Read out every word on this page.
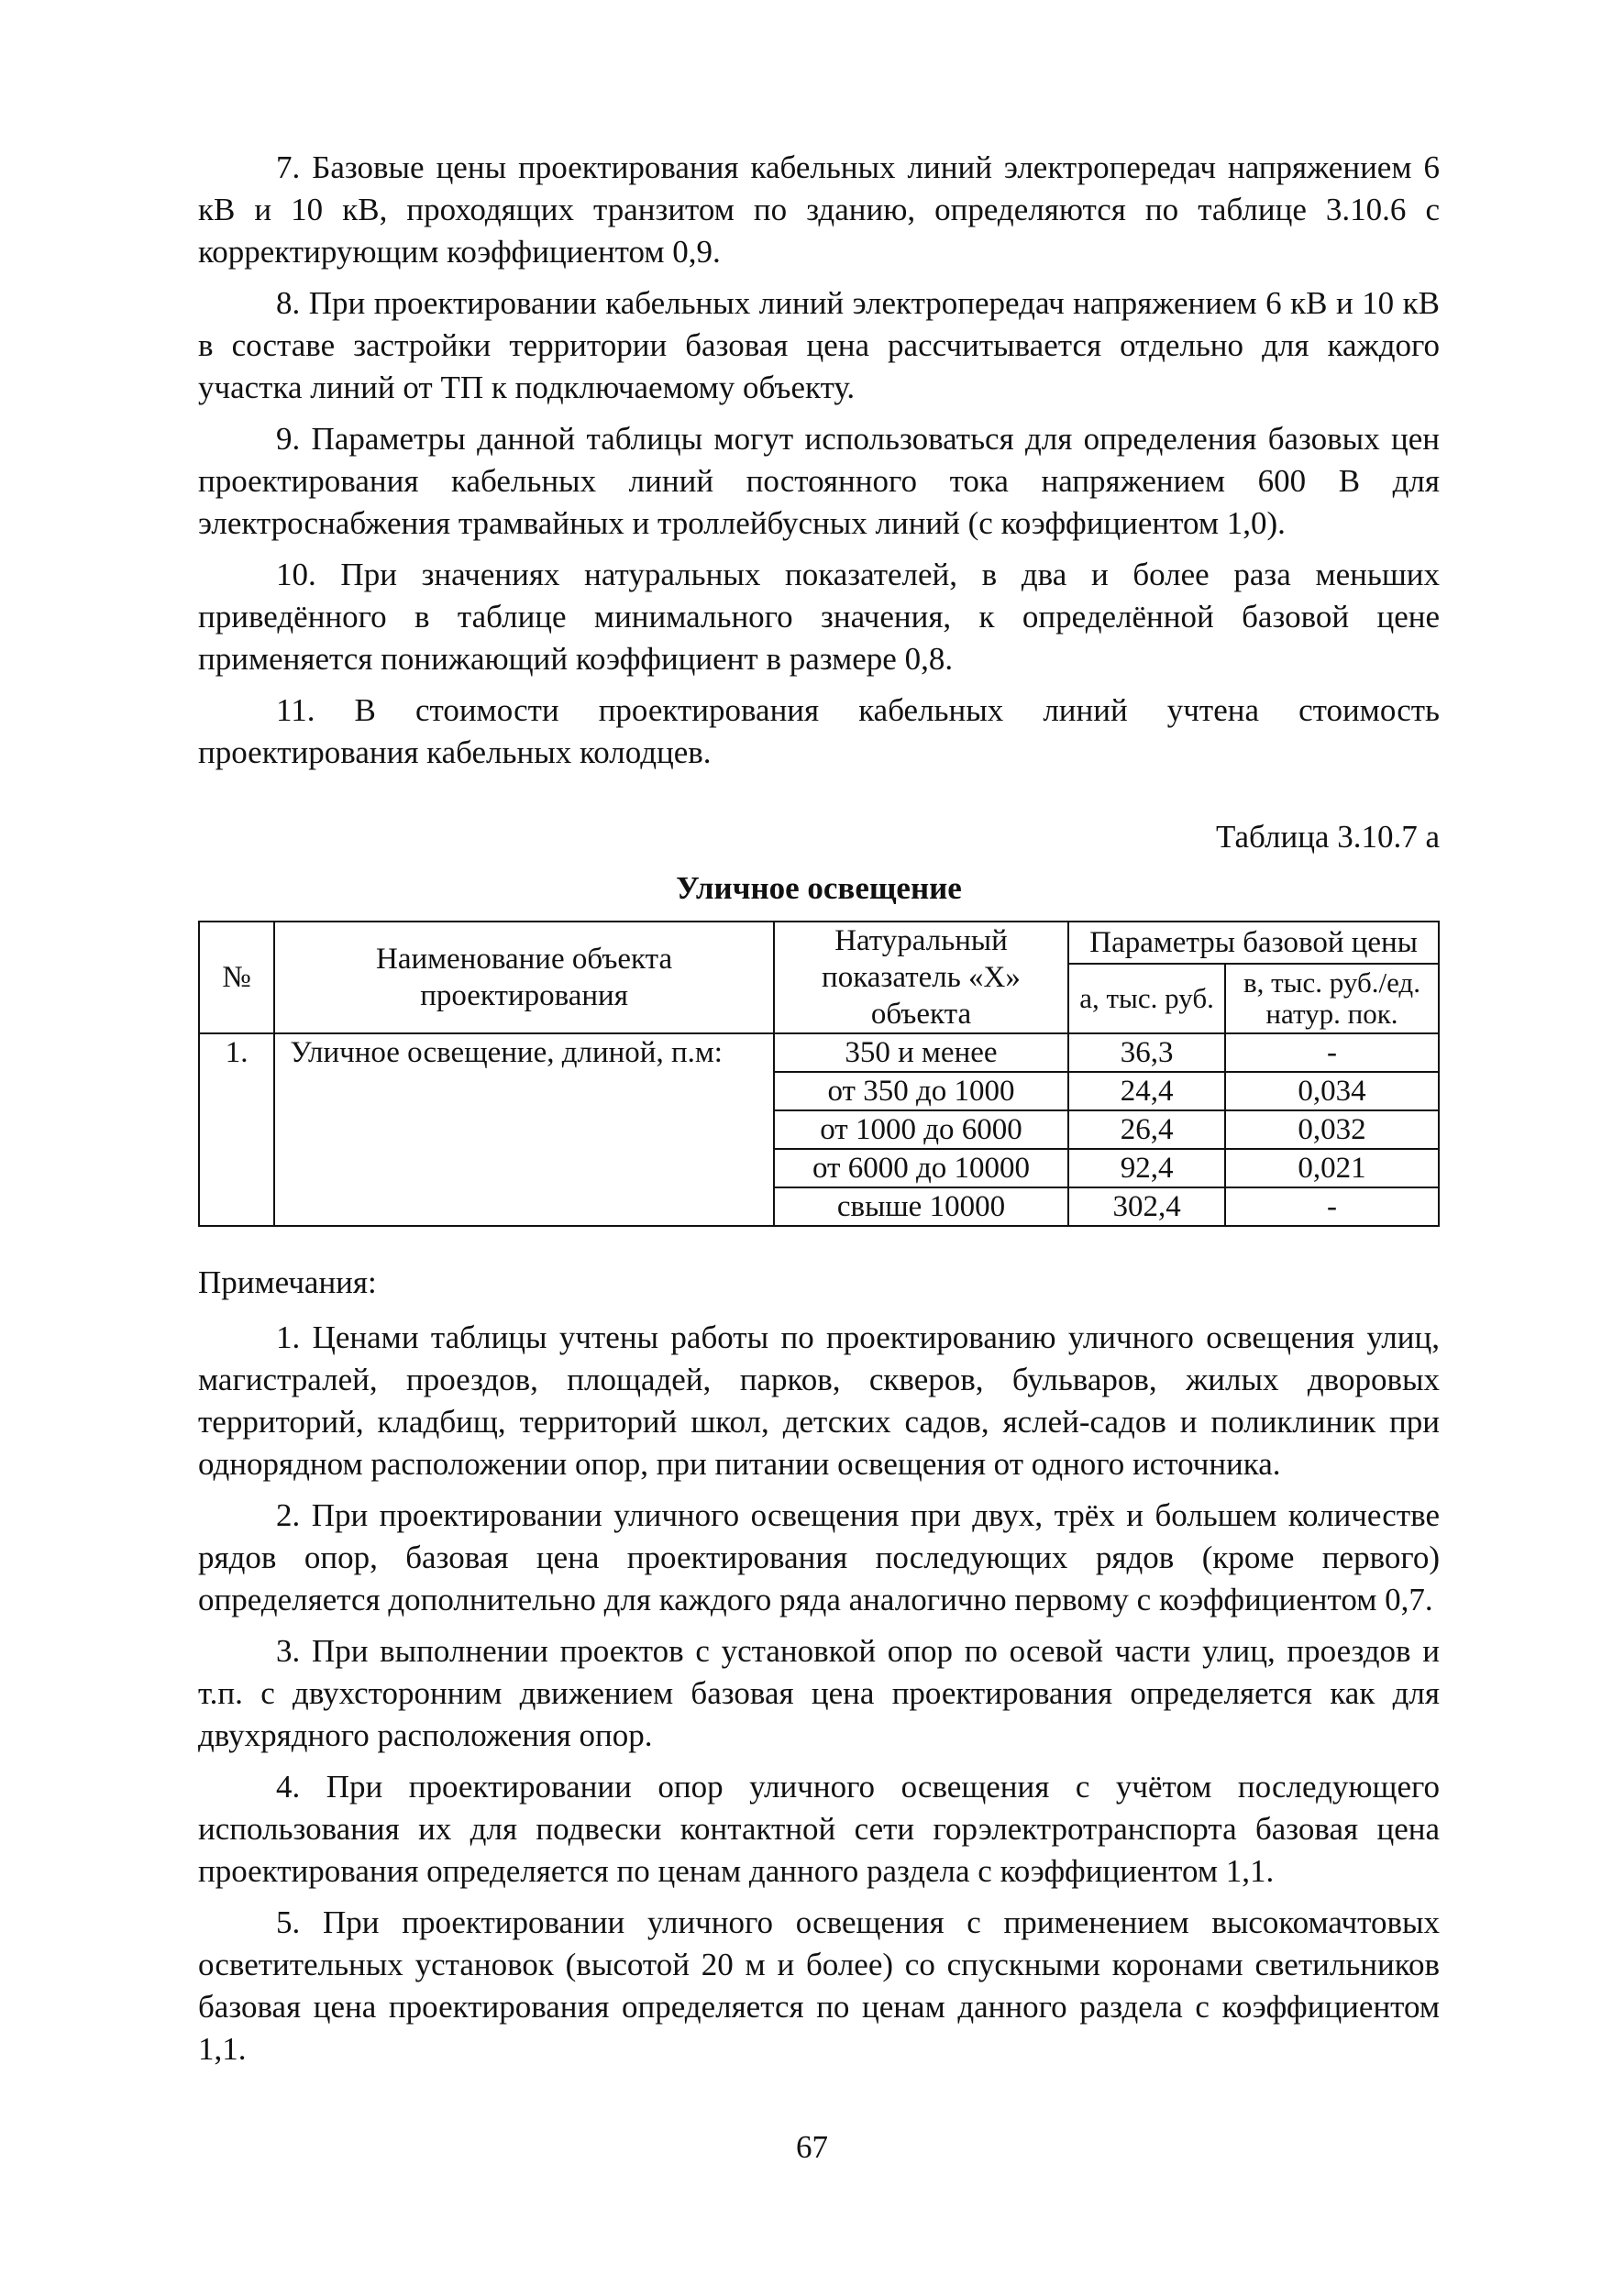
7. Базовые цены проектирования кабельных линий электропередач напряжением 6 кВ и 10 кВ, проходящих транзитом по зданию, определяются по таблице 3.10.6 с корректирующим коэффициентом 0,9.

8. При проектировании кабельных линий электропередач напряжением 6 кВ и 10 кВ в составе застройки территории базовая цена рассчитывается отдельно для каждого участка линий от ТП к подключаемому объекту.

9. Параметры данной таблицы могут использоваться для определения базовых цен проектирования кабельных линий постоянного тока напряжением 600 В для электроснабжения трамвайных и троллейбусных линий (с коэффициентом 1,0).

10. При значениях натуральных показателей, в два и более раза меньших приведённого в таблице минимального значения, к определённой базовой цене применяется понижающий коэффициент в размере 0,8.

11. В стоимости проектирования кабельных линий учтена стоимость проектирования кабельных колодцев.

Таблица 3.10.7 а
Уличное освещение
№	Наименование объекта проектирования	Натуральный показатель «X» объекта	Параметры базовой цены	
			а, тыс. руб.	в, тыс. руб./ед. натур. пок.
1.	Уличное освещение, длиной, п.м:	350 и менее	36,3	-
		от 350 до 1000	24,4	0,034
		от 1000 до 6000	26,4	0,032
		от 6000 до 10000	92,4	0,021
		свыше 10000	302,4	-
Примечания:

1. Ценами таблицы учтены работы по проектированию уличного освещения улиц, магистралей, проездов, площадей, парков, скверов, бульваров, жилых дворовых территорий, кладбищ, территорий школ, детских садов, яслей-садов и поликлиник при однорядном расположении опор, при питании освещения от одного источника.

2. При проектировании уличного освещения при двух, трёх и большем количестве рядов опор, базовая цена проектирования последующих рядов (кроме первого) определяется дополнительно для каждого ряда аналогично первому с коэффициентом 0,7.

3. При выполнении проектов с установкой опор по осевой части улиц, проездов и т.п. с двухсторонним движением базовая цена проектирования определяется как для двухрядного расположения опор.

4. При проектировании опор уличного освещения с учётом последующего использования их для подвески контактной сети горэлектротранспорта базовая цена проектирования определяется по ценам данного раздела с коэффициентом 1,1.

5. При проектировании уличного освещения с применением высокомачтовых осветительных установок (высотой 20 м и более) со спускными коронами светильников базовая цена проектирования определяется по ценам данного раздела с коэффициентом 1,1.

67
